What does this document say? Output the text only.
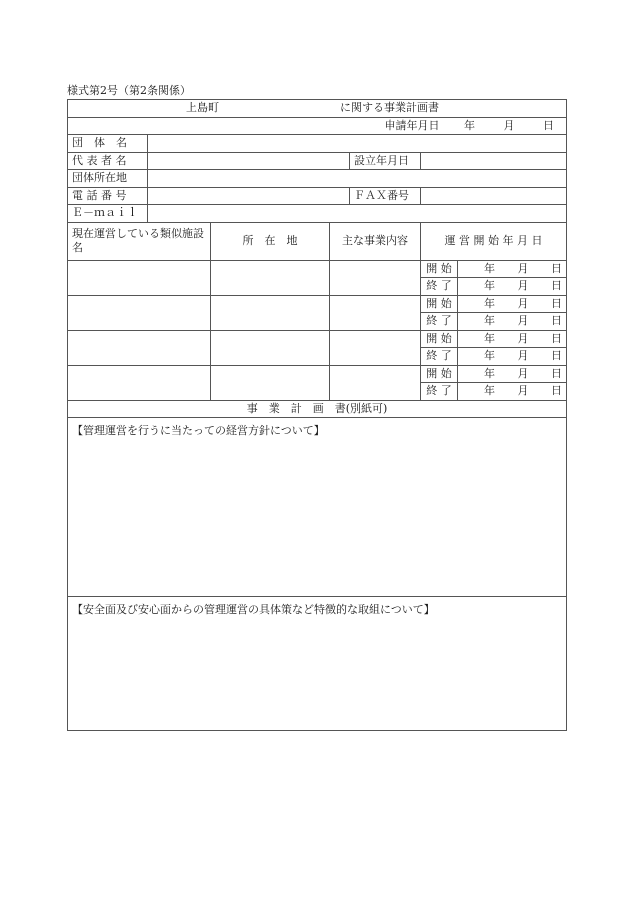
様式第2号（第2条関係）
上島町 に関する事業計画書						

申請年月日 年 月 日						
団　体　名						
代 表 者 名				設立年月日		
団体所在地						
電 話 番 号				ＦＡＸ番号		
Ｅ－ｍａｉｌ						
現在運営している類似施設名		所　在　地	主な事業内容		運 営 開 始 年 月 日	
					開 始	年 月 日

					終 了	年 月 日

					開 始	年 月 日

					終 了	年 月 日

					開 始	年 月 日

					終 了	年 月 日

					開 始	年 月 日

					終 了	年 月 日

事　業　計　画　書(別紙可)						
【管理運営を行うに当たっての経営方針について】						
【安全面及び安心面からの管理運営の具体策など特徴的な取組について】						
